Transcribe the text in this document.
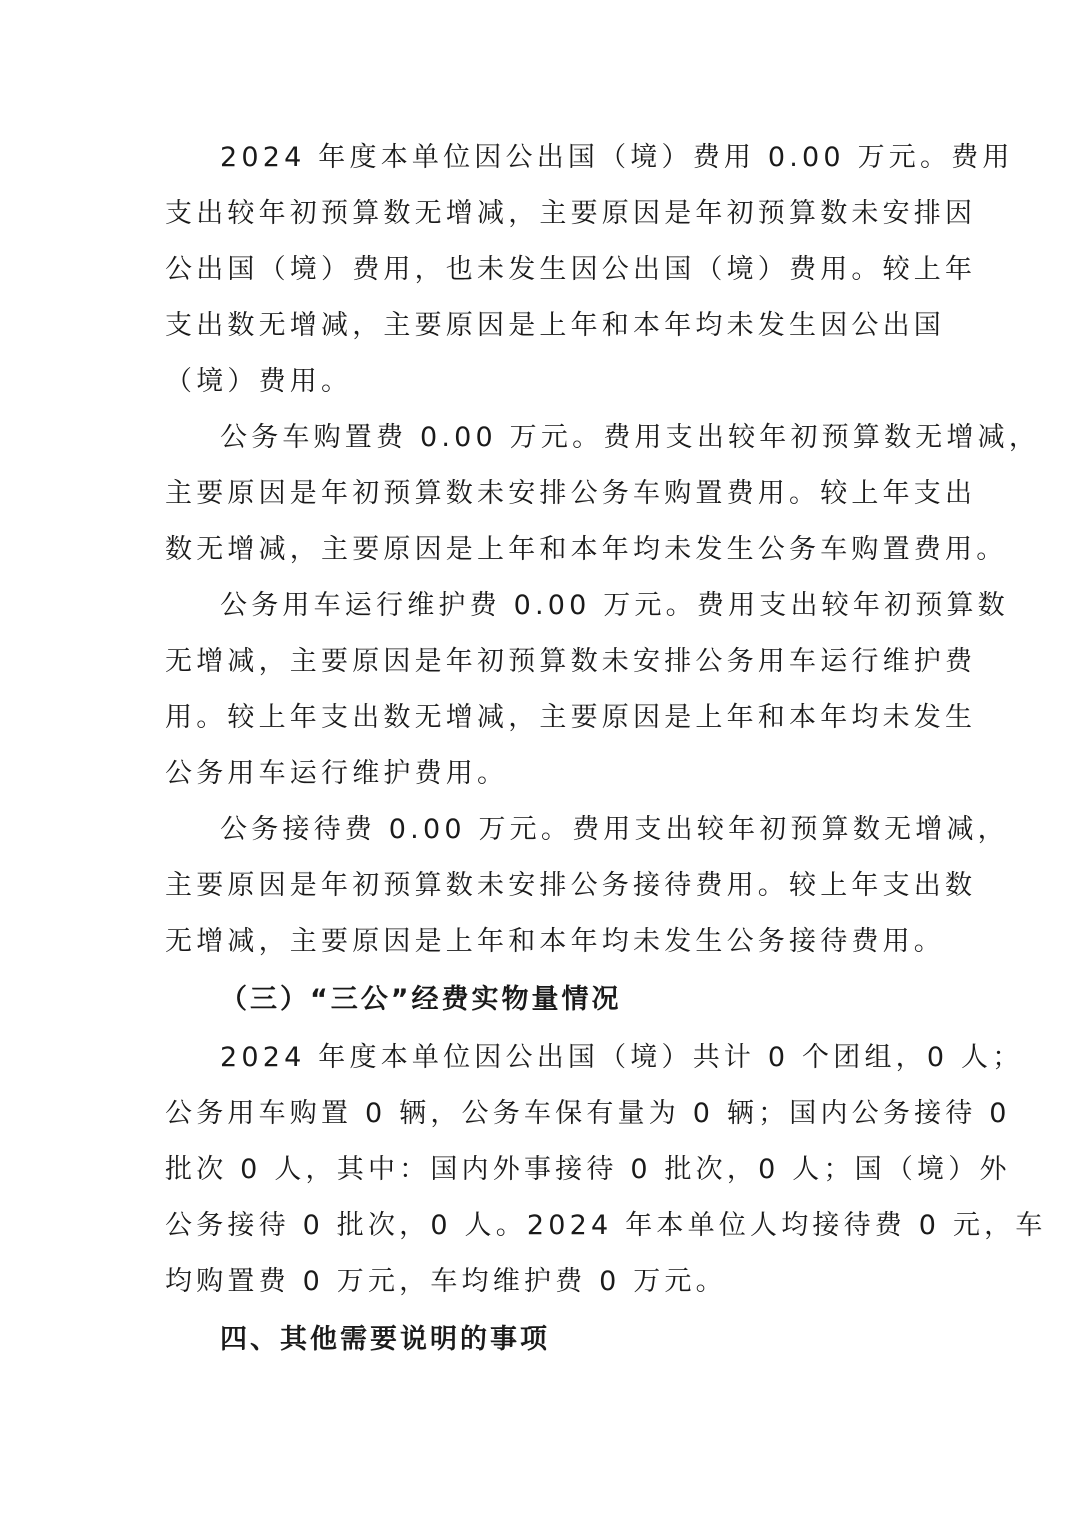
2024 年度本单位因公出国（境）费用 0.00 万元。费用
支出较年初预算数无增减，主要原因是年初预算数未安排因
公出国（境）费用，也未发生因公出国（境）费用。较上年
支出数无增减，主要原因是上年和本年均未发生因公出国
（境）费用。
公务车购置费 0.00 万元。费用支出较年初预算数无增减，
主要原因是年初预算数未安排公务车购置费用。较上年支出
数无增减，主要原因是上年和本年均未发生公务车购置费用。
公务用车运行维护费 0.00 万元。费用支出较年初预算数
无增减，主要原因是年初预算数未安排公务用车运行维护费
用。较上年支出数无增减，主要原因是上年和本年均未发生
公务用车运行维护费用。
公务接待费 0.00 万元。费用支出较年初预算数无增减，
主要原因是年初预算数未安排公务接待费用。较上年支出数
无增减，主要原因是上年和本年均未发生公务接待费用。
（三）“三公”经费实物量情况
2024 年度本单位因公出国（境）共计 0 个团组，0 人；
公务用车购置 0 辆，公务车保有量为 0 辆；国内公务接待 0
批次 0 人，其中：国内外事接待 0 批次，0 人；国（境）外
公务接待 0 批次，0 人。2024 年本单位人均接待费 0 元，车
均购置费 0 万元，车均维护费 0 万元。
四、其他需要说明的事项
